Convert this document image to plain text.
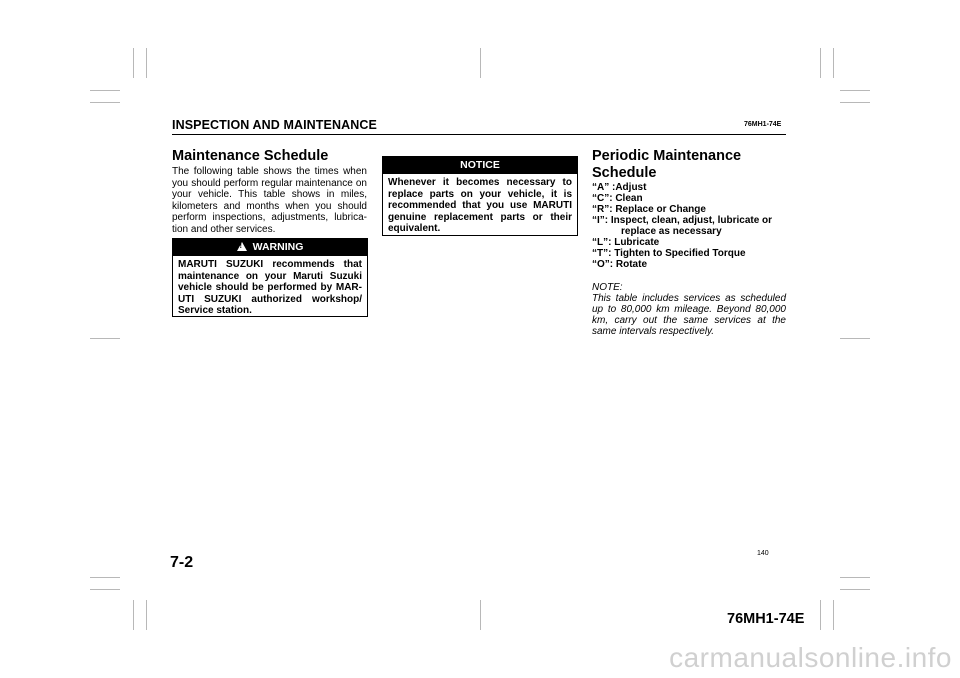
INSPECTION AND MAINTENANCE	76MH1-74E
Maintenance Schedule
The following table shows the times when you should perform regular maintenance on your vehicle. This table shows in miles, kilometers and months when you should perform inspections, adjustments, lubrica- tion and other services.
!WARNING
MARUTI SUZUKI recommends that maintenance on your Maruti Suzuki vehicle should be performed by MAR- UTI SUZUKI authorized workshop/ Service station.
NOTICE
Whenever it becomes necessary to replace parts on your vehicle, it is recommended that you use MARUTI genuine replacement parts or their equivalent.
Periodic Maintenance
Schedule
“A” :Adjust
“C”: Clean
“R”: Replace or Change
“I”: Inspect, clean, adjust, lubricate or
replace as necessary
“L”: Lubricate
“T”: Tighten to Specified Torque
“O”: Rotate
NOTE:
This table includes services as scheduled up to 80,000 km mileage. Beyond 80,000 km, carry out the same services at the same intervals respectively.
140
7-2
76MH1-74E
carmanualsonline.info
